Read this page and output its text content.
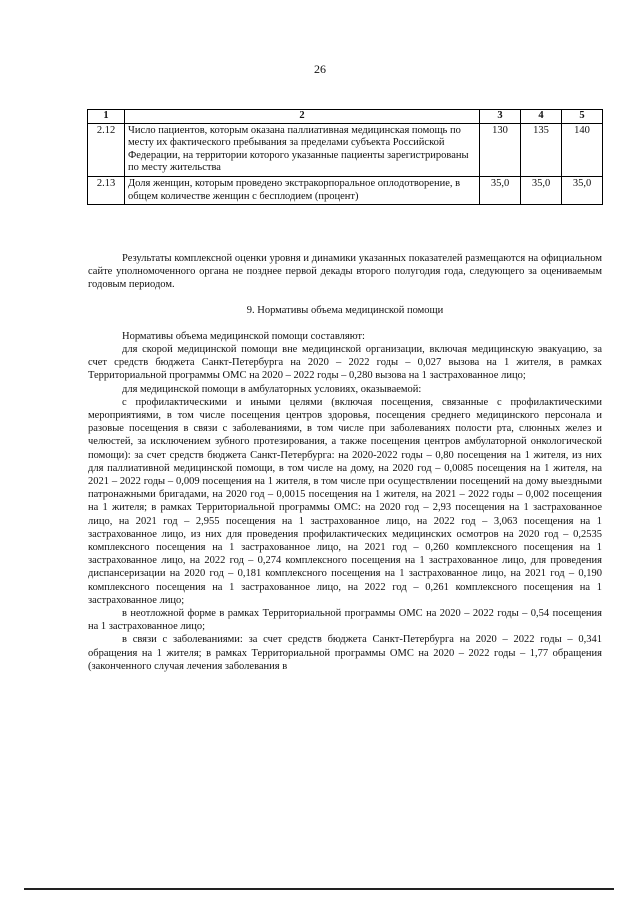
26
1	2	3	4	5
2.12	Число пациентов, которым оказана паллиативная медицинская помощь по месту их фактического пребывания за пределами субъекта Российской Федерации, на территории которого указанные пациенты зарегистрированы по месту жительства	130	135	140
2.13	Доля женщин, которым проведено экстракорпоральное оплодотворение, в общем количестве женщин с бесплодием (процент)	35,0	35,0	35,0

Результаты комплексной оценки уровня и динамики указанных показателей размещаются на официальном сайте уполномоченного органа не позднее первой декады второго полугодия года, следующего за оцениваемым годовым периодом.

9. Нормативы объема медицинской помощи

Нормативы объема медицинской помощи составляют:

для скорой медицинской помощи вне медицинской организации, включая медицинскую эвакуацию, за счет средств бюджета Санкт-Петербурга на 2020 – 2022 годы – 0,027 вызова на 1 жителя, в рамках Территориальной программы ОМС на 2020 – 2022 годы – 0,280 вызова на 1 застрахованное лицо;

для медицинской помощи в амбулаторных условиях, оказываемой:

с профилактическими и иными целями (включая посещения, связанные с профилактическими мероприятиями, в том числе посещения центров здоровья, посещения среднего медицинского персонала и разовые посещения в связи с заболеваниями, в том числе при заболеваниях полости рта, слюнных желез и челюстей, за исключением зубного протезирования, а также посещения центров амбулаторной онкологической помощи): за счет средств бюджета Санкт-Петербурга: на 2020-2022 годы – 0,80 посещения на 1 жителя, из них для паллиативной медицинской помощи, в том числе на дому, на 2020 год – 0,0085 посещения на 1 жителя, на 2021 – 2022 годы – 0,009 посещения на 1 жителя, в том числе при осуществлении посещений на дому выездными патронажными бригадами, на 2020 год – 0,0015 посещения на 1 жителя, на 2021 – 2022 годы – 0,002 посещения на 1 жителя; в рамках Территориальной программы ОМС: на 2020 год – 2,93 посещения на 1 застрахованное лицо, на 2021 год – 2,955 посещения на 1 застрахованное лицо, на 2022 год – 3,063 посещения на 1 застрахованное лицо, из них для проведения профилактических медицинских осмотров на 2020 год – 0,2535 комплексного посещения на 1 застрахованное лицо, на 2021 год – 0,260 комплексного посещения на 1 застрахованное лицо, на 2022 год – 0,274 комплексного посещения на 1 застрахованное лицо, для проведения диспансеризации на 2020 год – 0,181 комплексного посещения на 1 застрахованное лицо, на 2021 год – 0,190 комплексного посещения на 1 застрахованное лицо, на 2022 год – 0,261 комплексного посещения на 1 застрахованное лицо;

в неотложной форме в рамках Территориальной программы ОМС на 2020 – 2022 годы – 0,54 посещения на 1 застрахованное лицо;

в связи с заболеваниями: за счет средств бюджета Санкт-Петербурга на 2020 – 2022 годы – 0,341 обращения на 1 жителя; в рамках Территориальной программы ОМС на 2020 – 2022 годы – 1,77 обращения (законченного случая лечения заболевания в
